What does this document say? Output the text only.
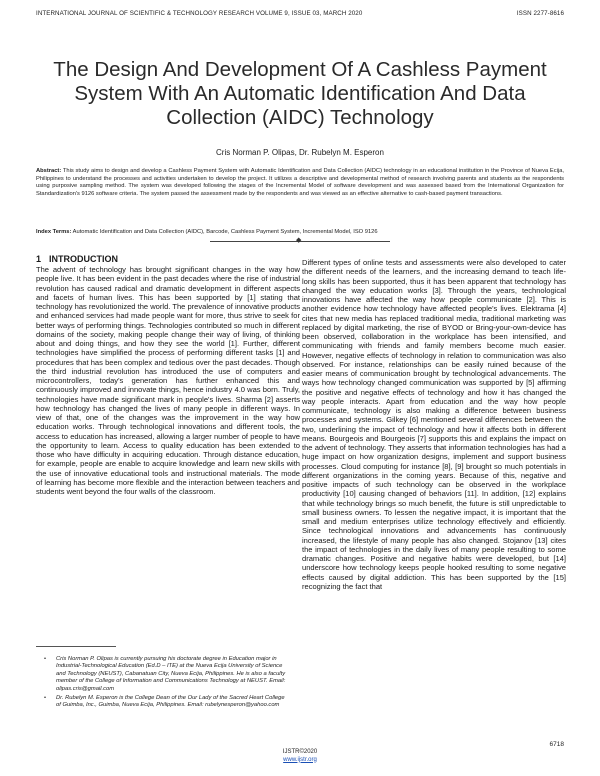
INTERNATIONAL JOURNAL OF SCIENTIFIC & TECHNOLOGY RESEARCH VOLUME 9, ISSUE 03, MARCH 2020	ISSN 2277-8616
The Design And Development Of A Cashless Payment System With An Automatic Identification And Data Collection (AIDC) Technology
Cris Norman P. Olipas, Dr. Rubelyn M. Esperon
Abstract: This study aims to design and develop a Cashless Payment System with Automatic Identification and Data Collection (AIDC) technology in an educational institution in the Province of Nueva Ecija, Philippines to understand the processes and activities undertaken to develop the project. It utilizes a descriptive and developmental method of research involving parents and students as the respondents using purposive sampling method. The system was developed following the stages of the Incremental Model of software development and was assessed based from the International Organization for Standardization's 9126 software criteria. The system passed the assessment made by the respondents and was viewed as an effective alternative to cash-based payment transactions.
Index Terms: Automatic Identification and Data Collection (AIDC), Barcode, Cashless Payment System, Incremental Model, ISO 9126
◆
1 INTRODUCTION

The advent of technology has brought significant changes in the way how people live. It has been evident in the past decades where the rise of industrial revolution has caused radical and dramatic development in different aspects and facets of human lives. This has been supported by [1] stating that technology has revolutionized the world. The prevalence of innovative products and enhanced services had made people want for more, thus strive to seek for better ways of performing things. Technologies contributed so much in different domains of the society, making people change their way of living, of thinking about and doing things, and how they see the world [1]. Further, different technologies have simplified the process of performing different tasks [1] and procedures that has been complex and tedious over the past decades. Though the third industrial revolution has introduced the use of computers and microcontrollers, today's generation has further enhanced this and continuously improved and innovate things, hence industry 4.0 was born. Truly, technologies have made significant mark in people's lives. Sharma [2] asserts how technology has changed the lives of many people in different ways. In view of that, one of the changes was the improvement in the way how education works. Through technological innovations and different tools, the access to education has increased, allowing a larger number of people to have the opportunity to learn. Access to quality education has been extended to those who have difficulty in acquiring education. Through distance education, for example, people are enable to acquire knowledge and learn new skills with the use of innovative educational tools and instructional materials. The mode of learning has become more flexible and the interaction between teachers and students went beyond the four walls of the classroom.

Different types of online tests and assessments were also developed to cater the different needs of the learners, and the increasing demand to teach life-long skills has been supported, thus it has been apparent that technology has changed the way education works [3]. Through the years, technological innovations have affected the way how people communicate [2]. This is another evidence how technology have affected people's lives. Elektrama [4] cites that new media has replaced traditional media, traditional marketing was replaced by digital marketing, the rise of BYOD or Bring-your-own-device has been observed, collaboration in the workplace has been intensified, and communicating with friends and family members become much easier. However, negative effects of technology in relation to communication was also observed. For instance, relationships can be easily ruined because of the easier means of communication brought by technological advancements. The ways how technology changed communication was supported by [5] affirming the positive and negative effects of technology and how it has changed the way people interacts. Apart from education and the way how people communicate, technology is also making a difference between business processes and systems. Gilkey [6] mentioned several differences between the two, underlining the impact of technology and how it affects both in different means. Bourgeois and Bourgeois [7] supports this and explains the impact on the advent of technology. They asserts that information technologies has had a huge impact on how organization designs, implement and support business processes. Cloud computing for instance [8], [9] brought so much potentials in different organizations in the coming years. Because of this, negative and positive impacts of such technology can be observed in the workplace productivity [10] causing changed of behaviors [11]. In addition, [12] explains that while technology brings so much benefit, the future is still unpredictable to small business owners. To lessen the negative impact, it is important that the small and medium enterprises utilize technology effectively and efficiently. Since technological innovations and advancements has continuously increased, the lifestyle of many people has also changed. Stojanov [13] cites the impact of technologies in the daily lives of many people resulting to some dramatic changes. Positive and negative habits were developed, but [14] underscore how technology keeps people hooked resulting to some negative effects caused by digital addiction. This has been supported by the [15] recognizing the fact that

•	Cris Norman P. Olipas is currently pursuing his doctorate degree in Education major in Industrial-Technological Education (Ed.D – ITE) at the Nueva Ecija University of Science and Technology (NEUST), Cabanatuan City, Nueva Ecija, Philippines. He is also a faculty member of the College of Information and Communications Technology at NEUST. Email: olipas.cris@gmail.com
•	Dr. Rubelyn M. Esperon is the College Dean of the Our Lady of the Sacred Heart College of Guimba, Inc., Guimba, Nueva Ecija, Philippines. Email: rubelynesperon@yahoo.com
6718
IJSTR©2020
www.ijstr.org
